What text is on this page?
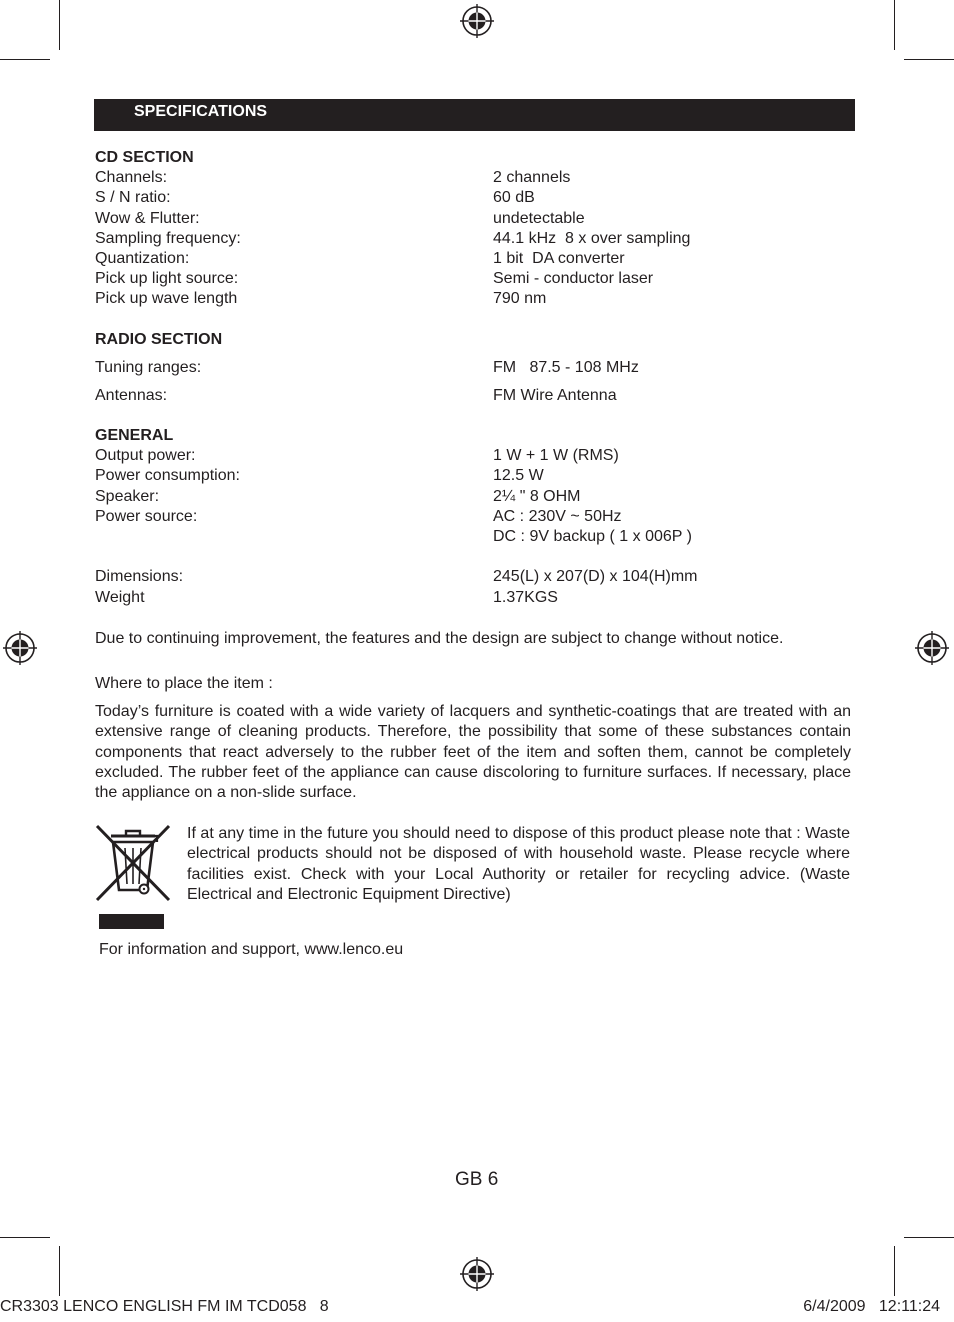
SPECIFICATIONS
CD SECTION
Channels:	2 channels
S / N ratio:	60 dB
Wow & Flutter:	undetectable
Sampling frequency:	44.1 kHz  8 x over sampling
Quantization:	1 bit  DA converter
Pick up light source:	Semi - conductor laser
Pick up wave length	790 nm
RADIO SECTION
Tuning ranges:	FM   87.5 - 108 MHz
Antennas:	FM Wire Antenna
GENERAL
Output power:	1 W + 1 W (RMS)
Power consumption:	12.5 W
Speaker:	2¼ " 8 OHM
Power source:	AC : 230V ~ 50Hz
DC : 9V backup ( 1 x 006P )
Dimensions:	245(L) x 207(D) x 104(H)mm
Weight	1.37KGS
Due to continuing improvement, the features and the design are subject to change without notice.
Where to place the item :
Today’s furniture is coated with a wide variety of lacquers and synthetic-coatings that are treated with an extensive range of cleaning products. Therefore, the possibility that some of these substances contain components that react adversely to the rubber feet of the item and soften them, cannot be completely excluded. The rubber feet of the appliance can cause discoloring to furniture surfaces. If necessary, place the appliance on a non-slide surface.
If at any time in the future you should need to dispose of this product please note that : Waste electrical products should not be disposed of with household waste. Please recycle where facilities exist. Check with your Local Authority or retailer for recycling advice. (Waste Electrical and Electronic Equipment Directive)
For information and support, www.lenco.eu
GB 6
CR3303 LENCO ENGLISH FM IM TCD058   8	6/4/2009   12:11:24
